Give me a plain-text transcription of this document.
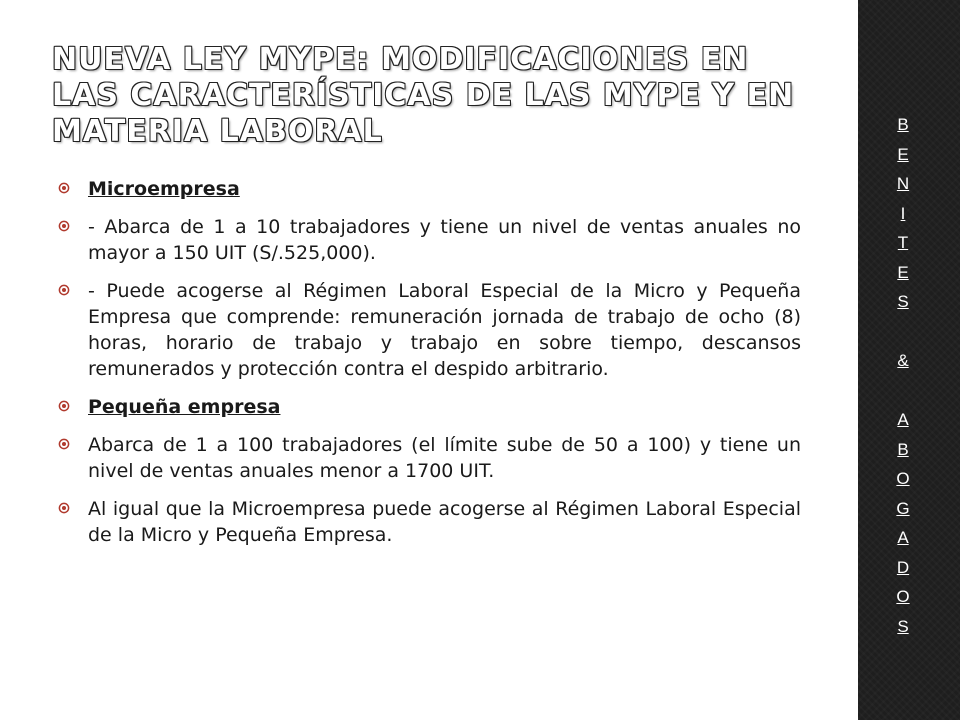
NUEVA LEY MYPE: MODIFICACIONES EN LAS CARACTERÍSTICAS DE LAS MYPE Y EN MATERIA LABORAL
Microempresa
- Abarca de 1 a 10 trabajadores y tiene un nivel de ventas anuales no mayor a 150 UIT (S/.525,000).
- Puede acogerse al Régimen Laboral Especial de la Micro y Pequeña Empresa que comprende: remuneración jornada de trabajo de ocho (8) horas, horario de trabajo y trabajo en sobre tiempo, descansos remunerados y protección contra el despido arbitrario.
Pequeña empresa
Abarca de 1 a 100 trabajadores (el límite sube de 50 a 100) y tiene un nivel de ventas anuales menor a 1700 UIT.
Al igual que la Microempresa puede acogerse al Régimen Laboral Especial de la Micro y Pequeña Empresa.
B
E
N
I
T
E
S
&
A
B
O
G
A
D
O
S
